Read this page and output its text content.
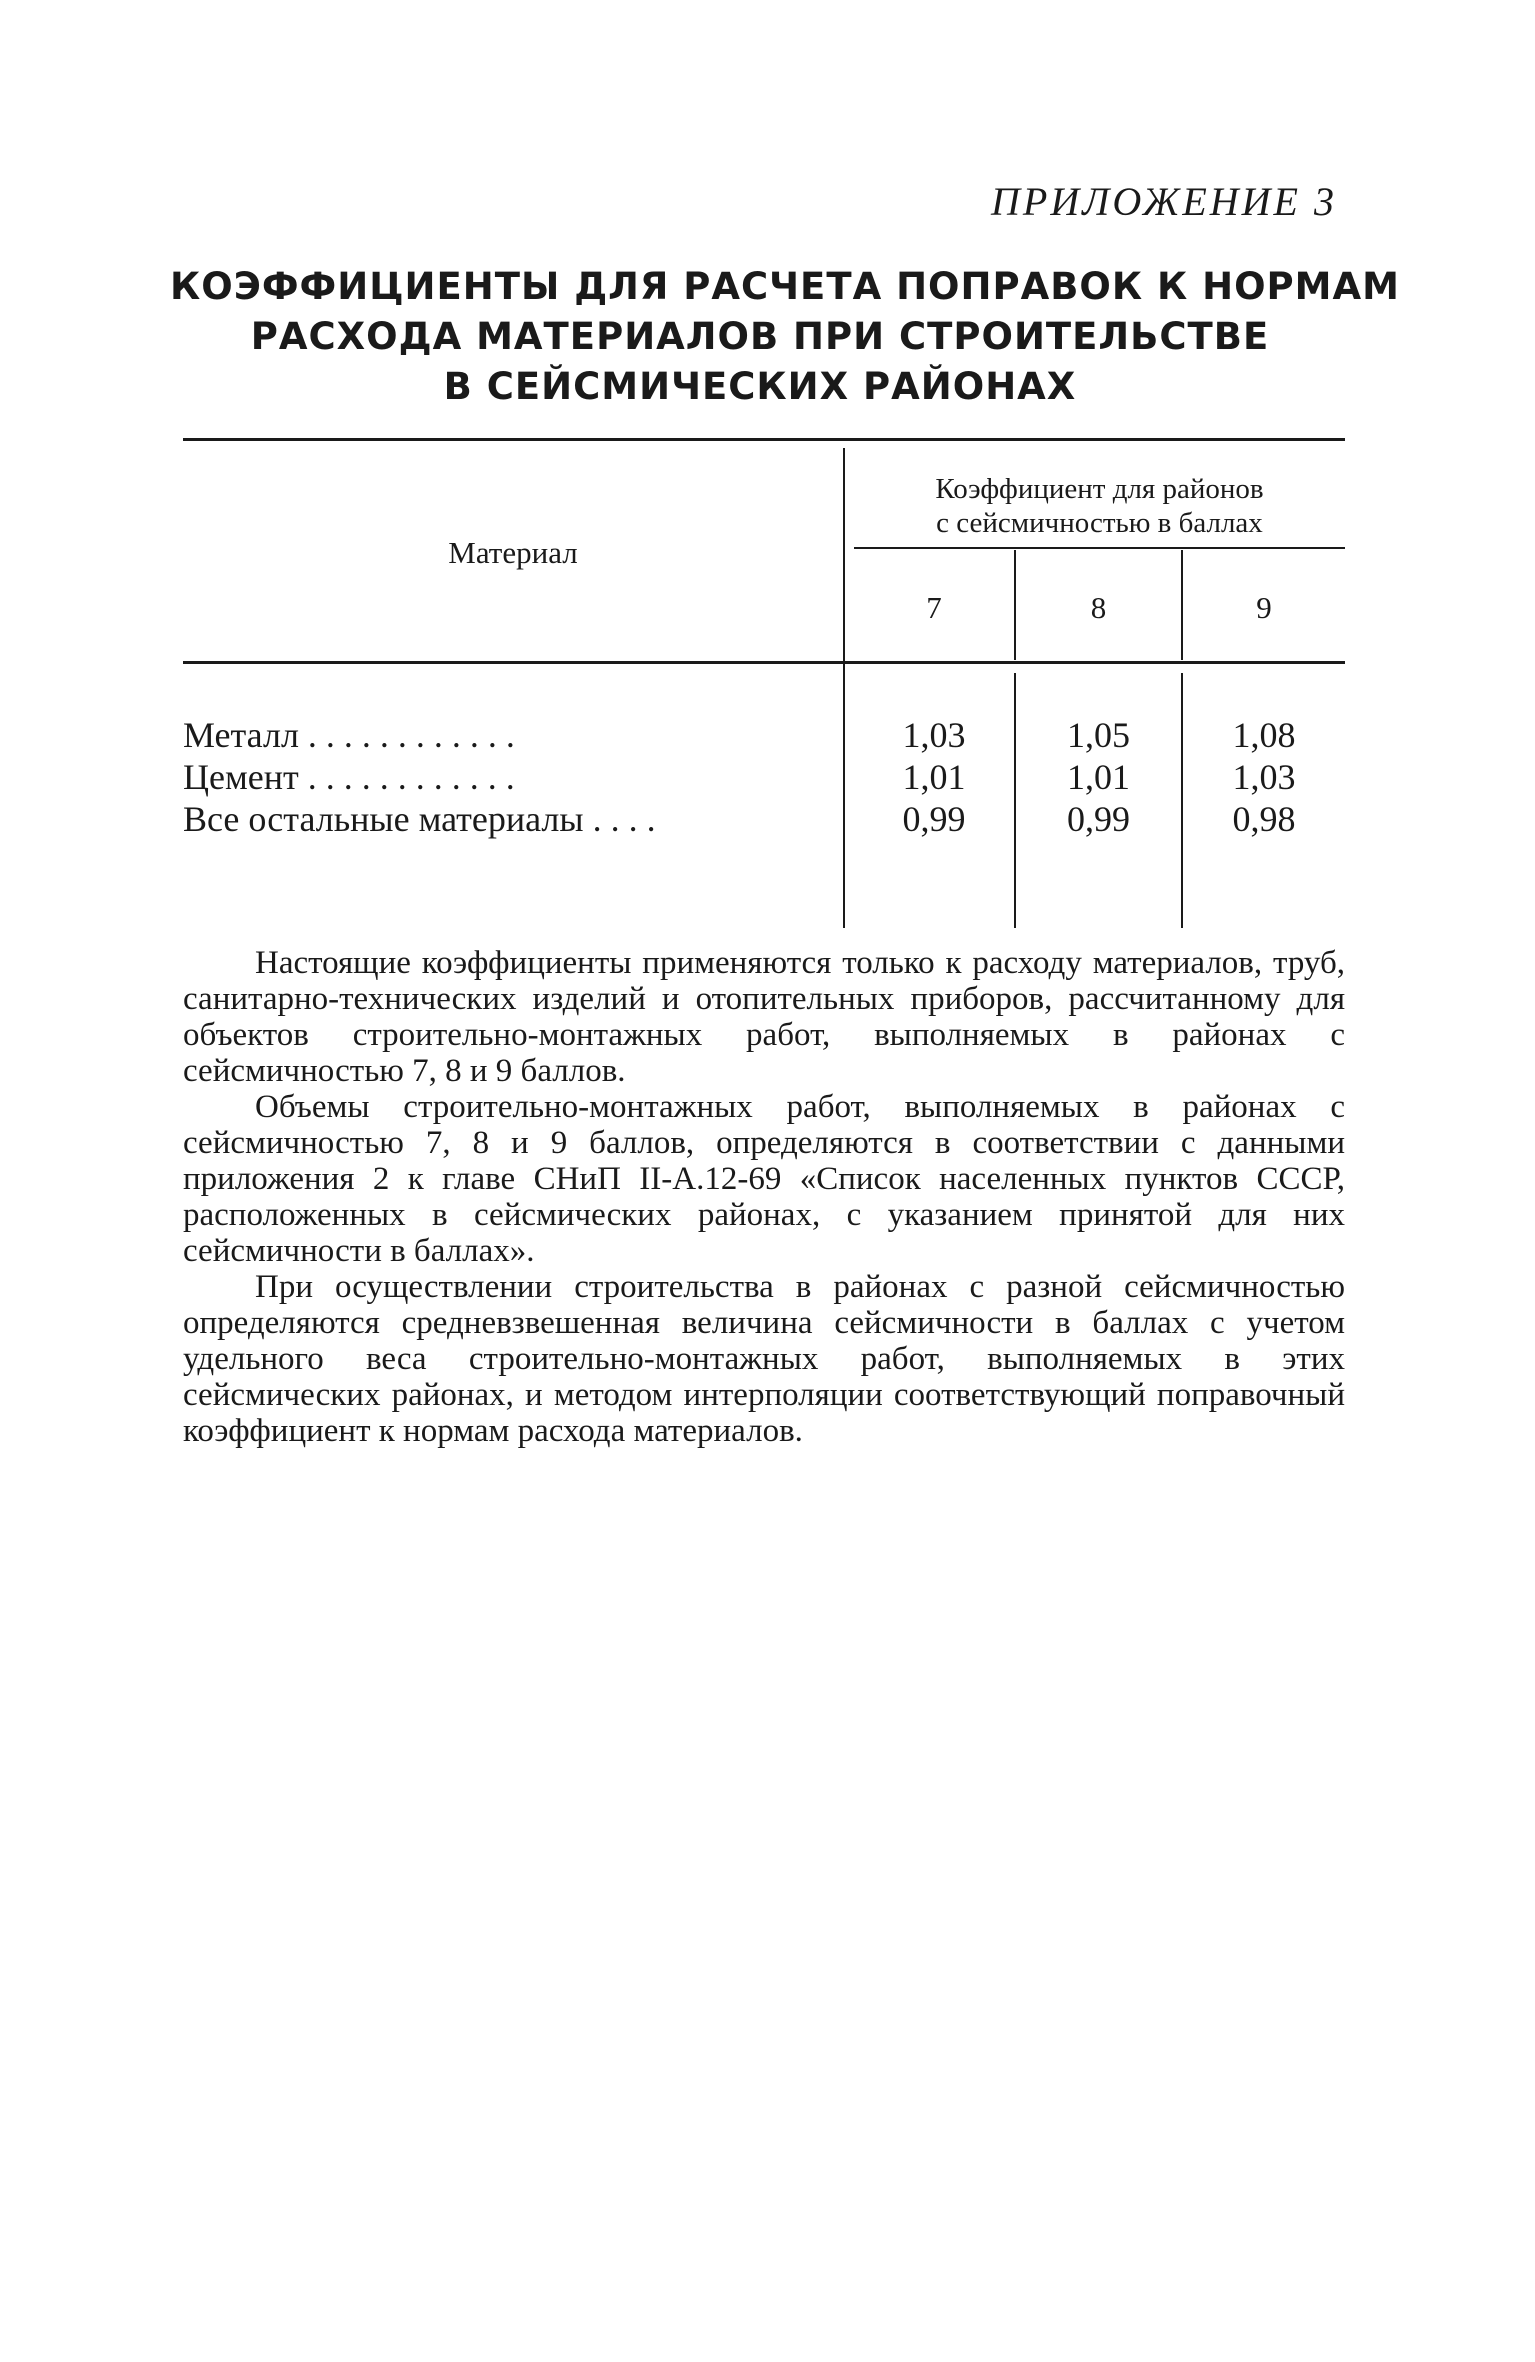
ПРИЛОЖЕНИЕ 3
КОЭФФИЦИЕНТЫ ДЛЯ РАСЧЕТА ПОПРАВОК К НОРМАМ
РАСХОДА МАТЕРИАЛОВ ПРИ СТРОИТЕЛЬСТВЕ
В СЕЙСМИЧЕСКИХ РАЙОНАХ
Материал
Коэффициент для районов
с сейсмичностью в баллах
7	8	9
Металл . . . . . . . . . . . .	1,03	1,05	1,08
Цемент . . . . . . . . . . . .	1,01	1,01	1,03
Все остальные материалы . . . .	0,99	0,99	0,98

Настоящие коэффициенты применяются только к расходу материалов, труб, санитарно-технических изделий и отопительных приборов, рассчитанному для объектов строительно-монтажных работ, выполняемых в районах с сейсмичностью 7, 8 и 9 баллов.

Объемы строительно-монтажных работ, выполняемых в районах с сейсмичностью 7, 8 и 9 баллов, определяются в соответствии с данными приложения 2 к главе СНиП II-А.12-69 «Список населенных пунктов СССР, расположенных в сейсмических районах, с указанием принятой для них сейсмичности в баллах».

При осуществлении строительства в районах с разной сейсмичностью определяются средневзвешенная величина сейсмичности в баллах с учетом удельного веса строительно-монтажных работ, выполняемых в этих сейсмических районах, и методом интерполяции соответствующий поправочный коэффициент к нормам расхода материалов.
